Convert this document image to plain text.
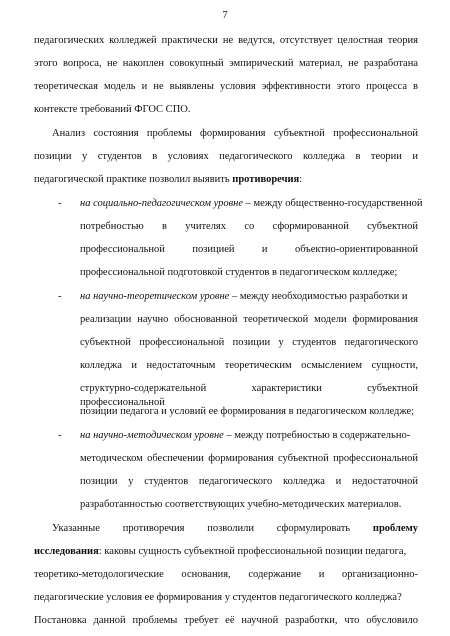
7
педагогических колледжей практически не ведутся, отсутствует целостная теория
этого вопроса, не накоплен совокупный эмпирический материал, не разработана
теоретическая модель и не выявлены условия эффективности этого процесса в
контексте требований ФГОС СПО.
Анализ состояния проблемы формирования субъектной профессиональной
позиции у студентов в условиях педагогического колледжа в теории и
педагогической практике позволил выявить противоречия:
- на социально-педагогическом уровне – между общественно-государственной
потребностью в учителях со сформированной субъектной
профессиональной позицией и объектно-ориентированной
профессиональной подготовкой студентов в педагогическом колледже;
- на научно-теоретическом уровне – между необходимостью разработки и
реализации научно обоснованной теоретической модели формирования
субъектной профессиональной позиции у студентов педагогического
колледжа и недостаточным теоретическим осмыслением сущности,
структурно-содержательной характеристики субъектной профессиональной
позиции педагога и условий ее формирования в педагогическом колледже;
- на научно-методическом уровне – между потребностью в содержательно-
методическом обеспечении формирования субъектной профессиональной
позиции у студентов педагогического колледжа и недостаточной
разработанностью соответствующих учебно-методических материалов.
Указанные противоречия позволили сформулировать проблему
исследования: каковы сущность субъектной профессиональной позиции педагога,
теоретико-методологические основания, содержание и организационно-
педагогические условия ее формирования у студентов педагогического колледжа?
Постановка данной проблемы требует её научной разработки, что обусловило
